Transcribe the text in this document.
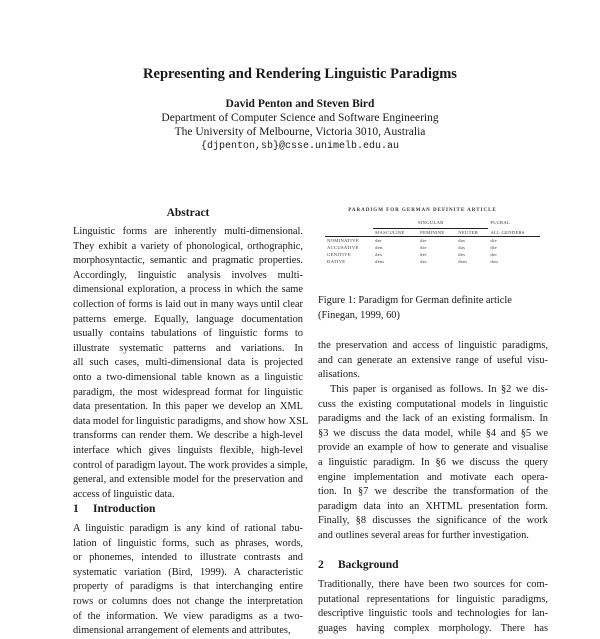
Representing and Rendering Linguistic Paradigms
David Penton and Steven Bird
Department of Computer Science and Software Engineering
The University of Melbourne, Victoria 3010, Australia
{djpenton,sb}@csse.unimelb.edu.au
Abstract
Linguistic forms are inherently multi-dimensional.
They exhibit a variety of phonological, orthographic,
morphosyntactic, semantic and pragmatic properties.
Accordingly, linguistic analysis involves multi-
dimensional exploration, a process in which the same
collection of forms is laid out in many ways until clear
patterns emerge. Equally, language documentation
usually contains tabulations of linguistic forms to
illustrate systematic patterns and variations. In
all such cases, multi-dimensional data is projected
onto a two-dimensional table known as a linguistic
paradigm, the most widespread format for linguistic
data presentation. In this paper we develop an XML
data model for linguistic paradigms, and show how XSL
transforms can render them. We describe a high-level
interface which gives linguists flexible, high-level
control of paradigm layout. The work provides a simple,
general, and extensible model for the preservation and
access of linguistic data.
1 Introduction
A linguistic paradigm is any kind of rational tabu-
lation of linguistic forms, such as phrases, words,
or phonemes, intended to illustrate contrasts and
systematic variation (Bird, 1999). A characteristic
property of paradigms is that interchanging entire
rows or columns does not change the interpretation
of the information. We view paradigms as a two-
dimensional arrangement of elements and attributes,
PARADIGM FOR GERMAN DEFINITE ARTICLE
	SINGULAR			PLURAL

	MASCULINE	FEMININE	NEUTER	ALL GENDERS
NOMINATIVE	der	die	das	die
ACCUSATIVE	den	die	das	die
GENITIVE	des	der	des	der
DATIVE	dem	der	dem	den
Figure 1: Paradigm for German definite article
(Finegan, 1999, 60)
the preservation and access of linguistic paradigms,
and can generate an extensive range of useful visu-
alisations.
This paper is organised as follows. In §2 we dis-
cuss the existing computational models in linguistic
paradigms and the lack of an existing formalism. In
§3 we discuss the data model, while §4 and §5 we
provide an example of how to generate and visualise
a linguistic paradigm. In §6 we discuss the query
engine implementation and motivate each opera-
tion. In §7 we describe the transformation of the
paradigm data into an XHTML presentation form.
Finally, §8 discusses the significance of the work
and outlines several areas for further investigation.
2 Background
Traditionally, there have been two sources for com-
putational representations for linguistic paradigms,
descriptive linguistic tools and technologies for lan-
guages having complex morphology. There has
